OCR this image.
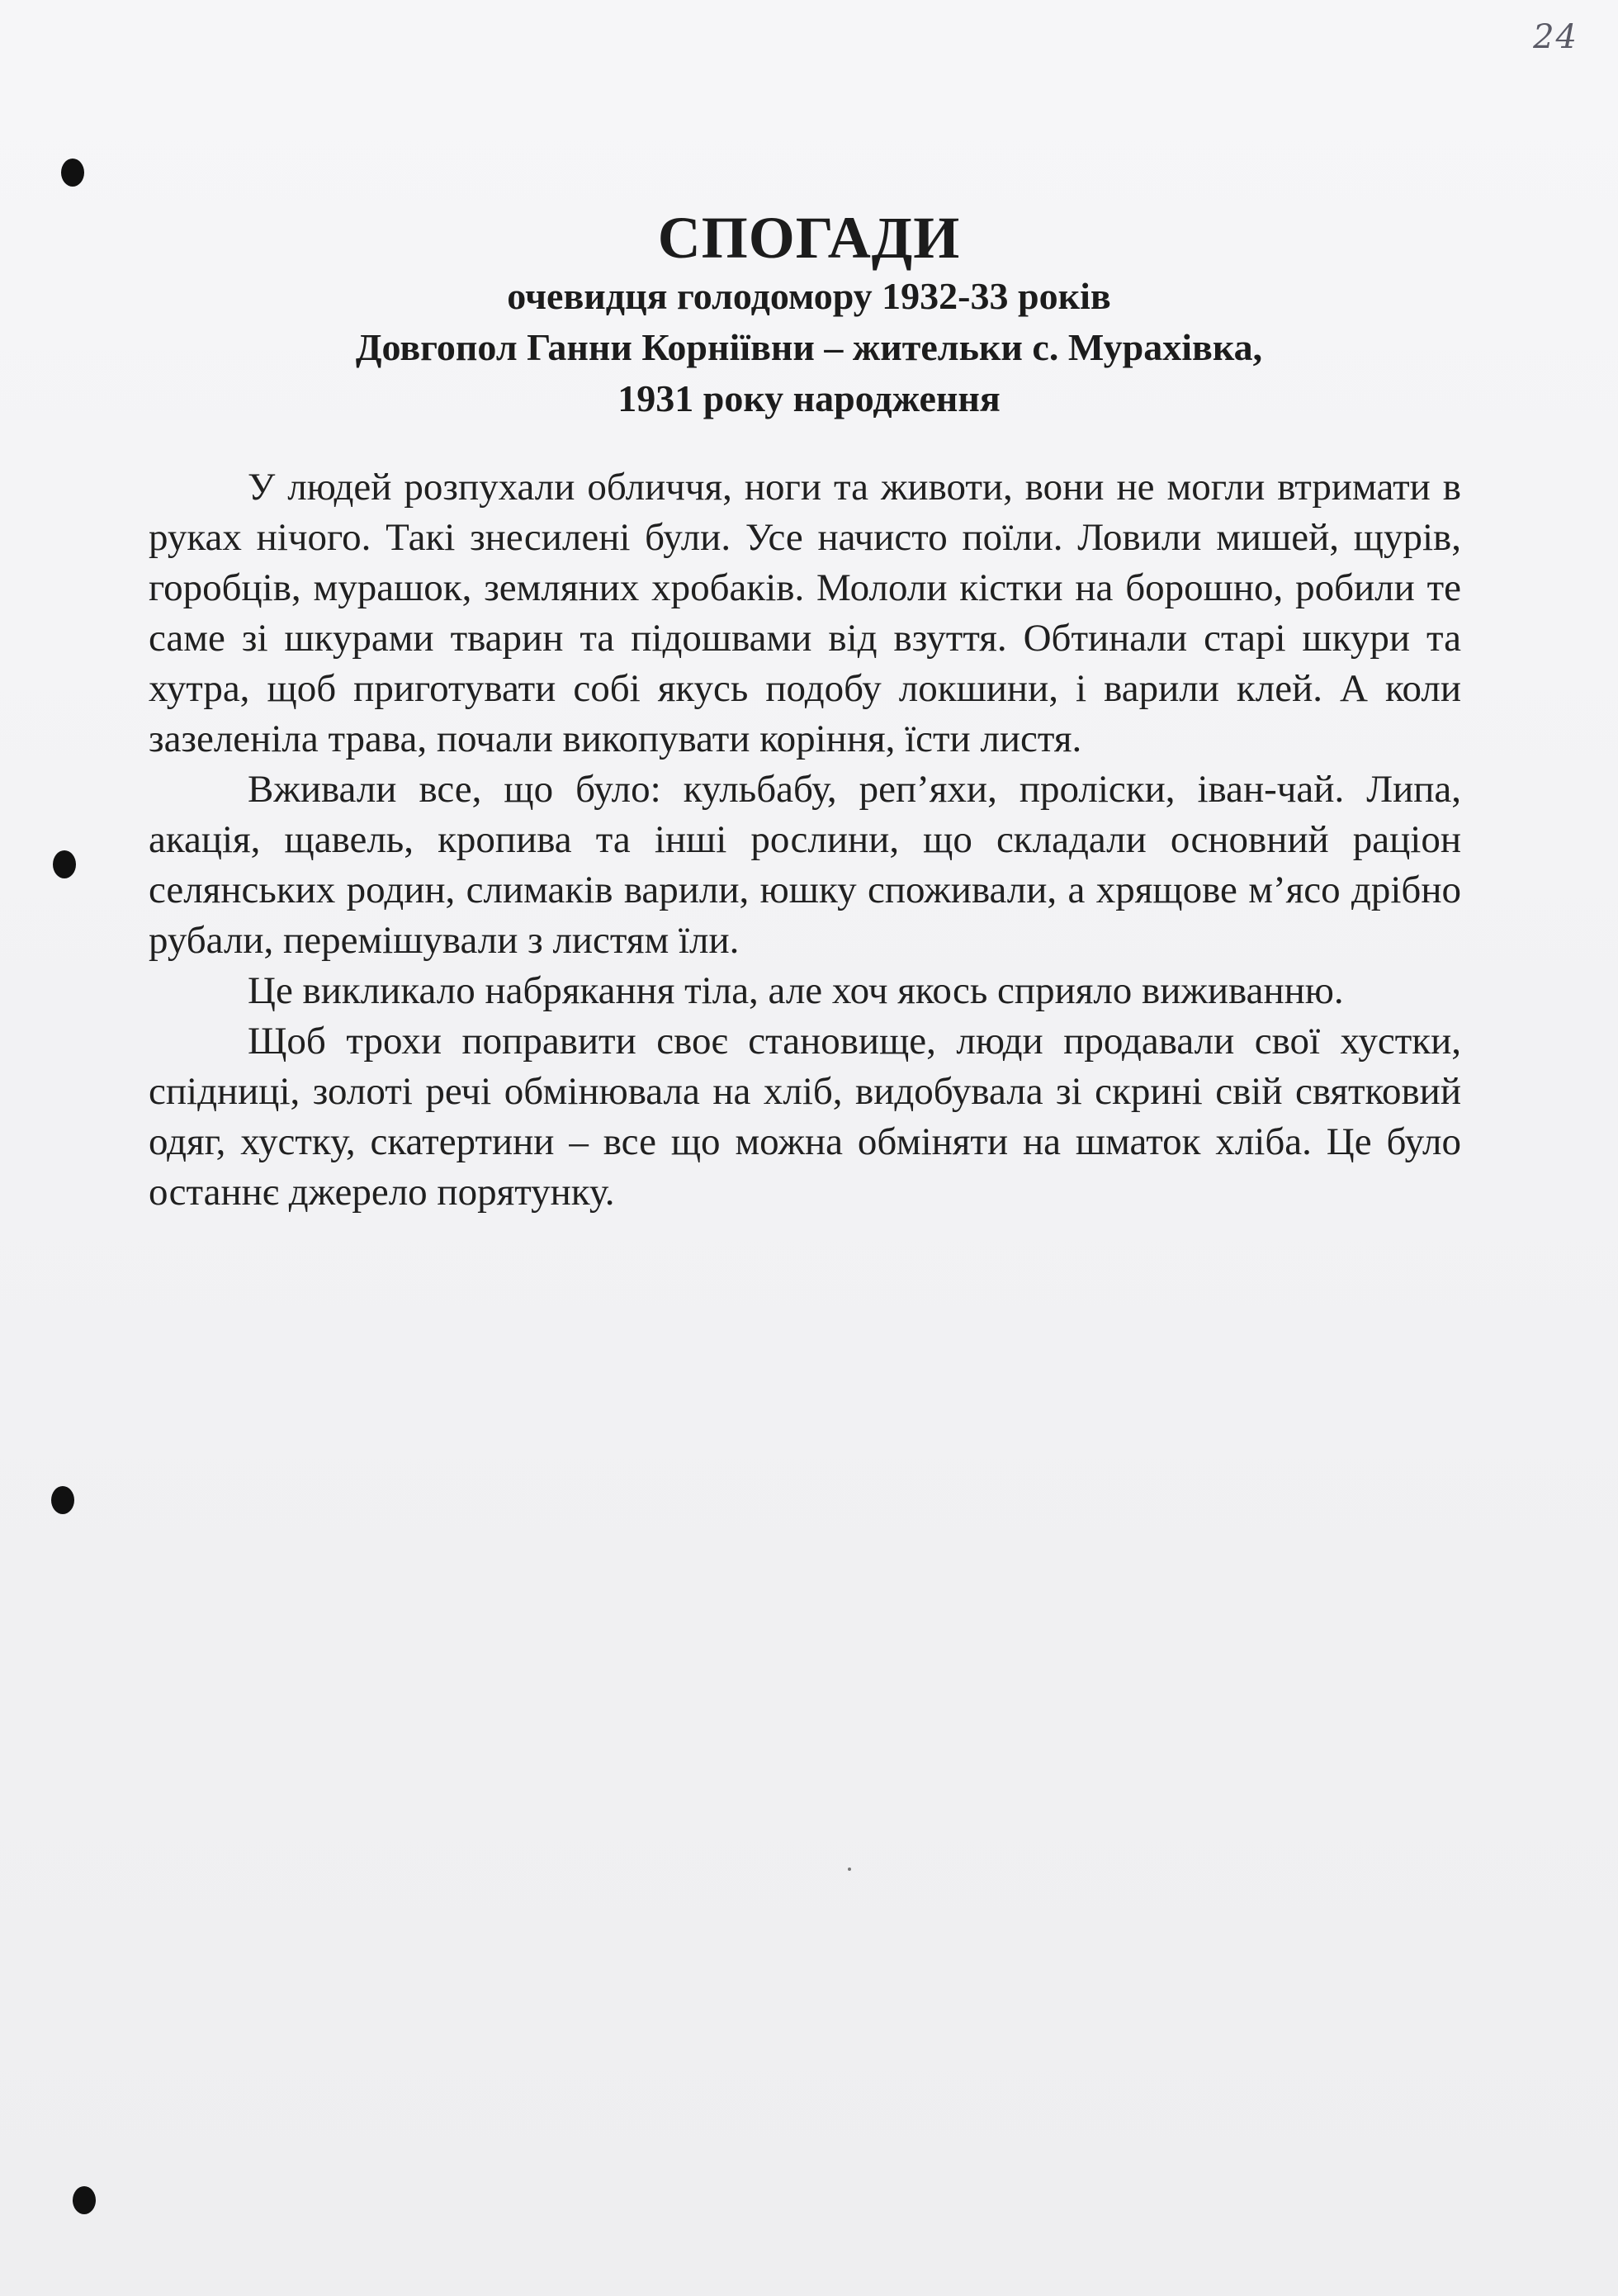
24
СПОГАДИ
очевидця голодомору 1932-33 років
Довгопол Ганни Корніївни – жительки с. Мурахівка,
1931 року народження

У людей розпухали обличчя, ноги та животи, вони не могли втримати в руках нічого. Такі знесилені були. Усе начисто поїли. Ловили мишей, щурів, горобців, мурашок, земляних хробаків. Мололи кістки на борошно, робили те саме зі шкурами тварин та підошвами від взуття. Обтинали старі шкури та хутра, щоб приготувати собі якусь подобу локшини, і варили клей. А коли зазеленіла трава, почали викопувати коріння, їсти листя.

Вживали все, що було: кульбабу, реп’яхи, проліски, іван-чай. Липа, акація, щавель, кропива та інші рослини, що складали основний раціон селянських родин, слимаків варили, юшку споживали, а хрящове м’ясо дрібно рубали, перемішували з листям їли.

Це викликало набрякання тіла, але хоч якось сприяло виживанню.

Щоб трохи поправити своє становище, люди продавали свої хустки, спідниці, золоті речі обмінювала на хліб, видобувала зі скрині свій святковий одяг, хустку, скатертини – все що можна обміняти на шматок хліба. Це було останнє джерело порятунку.
